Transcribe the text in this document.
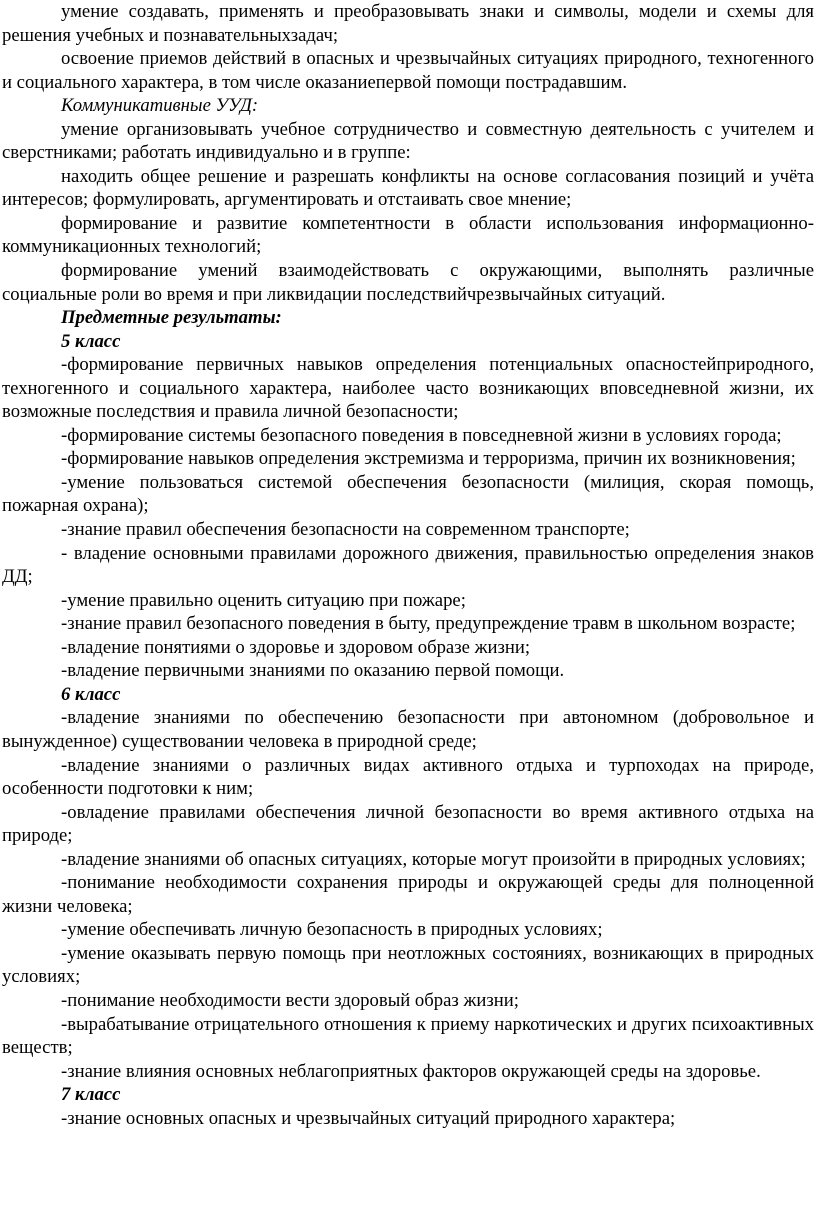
умение создавать, применять и преобразовывать знаки и символы, модели и схемы для решения учебных и познавательныхзадач;

освоение приемов действий в опасных и чрезвычайных ситуациях природного, техногенного и социального характера, в том числе оказаниепервой помощи пострадавшим.

Коммуникативные УУД:

умение организовывать учебное сотрудничество и совместную деятельность с учителем и сверстниками; работать индивидуально и в группе:

находить общее решение и разрешать конфликты на основе согласования позиций и учёта интересов; формулировать, аргументировать и отстаивать свое мнение;

формирование и развитие компетентности в области использования информационно-коммуникационных технологий;

формирование умений взаимодействовать с окружающими, выполнять различные социальные роли во время и при ликвидации последствийчрезвычайных ситуаций.

Предметные результаты:

5 класс

-формирование первичных навыков определения потенциальных опасностейприродного, техногенного и социального характера, наиболее часто возникающих вповседневной жизни, их возможные последствия и правила личной безопасности;

-формирование системы безопасного поведения в повседневной жизни в условиях города;

-формирование навыков определения экстремизма и терроризма, причин их возникновения;

-умение пользоваться системой обеспечения безопасности (милиция, скорая помощь, пожарная охрана);

-знание правил обеспечения безопасности на современном транспорте;

- владение основными правилами дорожного движения, правильностью определения знаков ДД;

-умение правильно оценить ситуацию при пожаре;

-знание правил безопасного поведения в быту, предупреждение травм в школьном возрасте;

-владение понятиями о здоровье и здоровом образе жизни;

-владение первичными знаниями по оказанию первой помощи.

6 класс

-владение знаниями по обеспечению безопасности при автономном (добровольное и вынужденное) существовании человека в природной среде;

-владение знаниями о различных видах активного отдыха и турпоходах на природе, особенности подготовки к ним;

-овладение правилами обеспечения личной безопасности во время активного отдыха на природе;

-владение знаниями об опасных ситуациях, которые могут произойти в природных условиях;

-понимание необходимости сохранения природы и окружающей среды для полноценной жизни человека;

-умение обеспечивать личную безопасность в природных условиях;

-умение оказывать первую помощь при неотложных состояниях, возникающих в природных условиях;

-понимание необходимости вести здоровый образ жизни;

-вырабатывание отрицательного отношения к приему наркотических и других психоактивных веществ;

-знание влияния основных неблагоприятных факторов окружающей среды на здоровье.

7 класс

-знание основных опасных и чрезвычайных ситуаций природного характера;
